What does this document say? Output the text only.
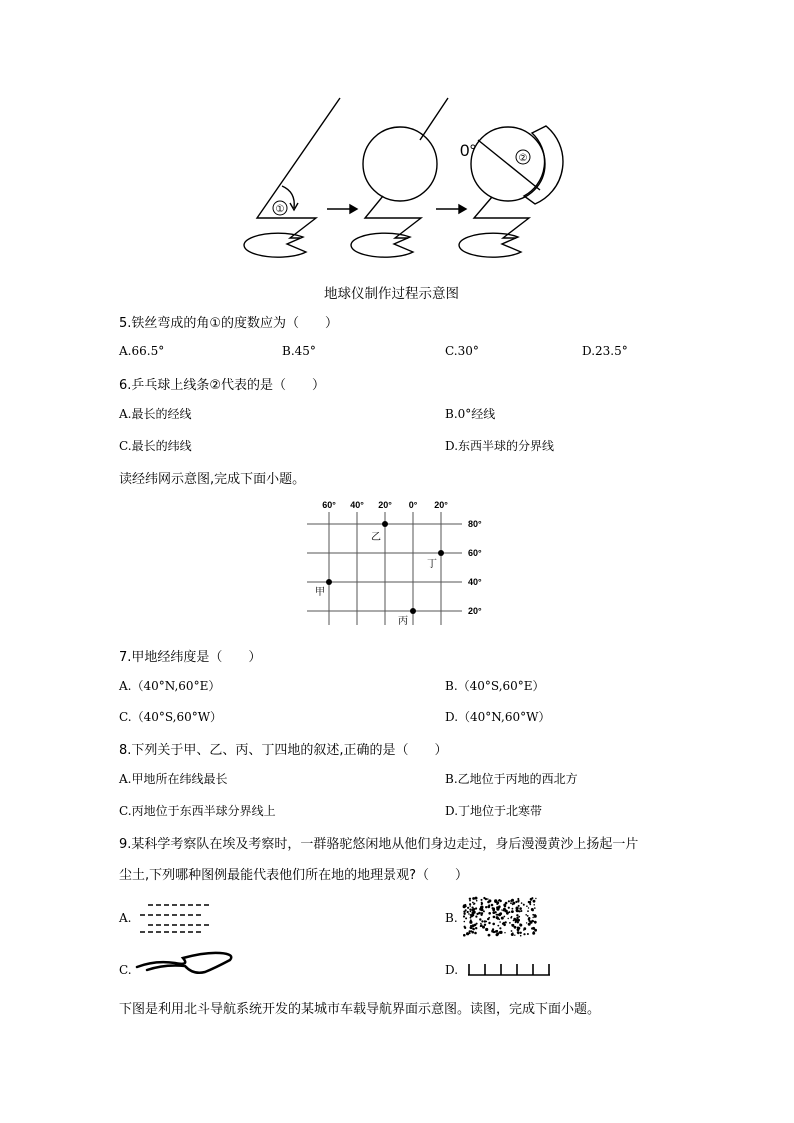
①
②
0°
地球仪制作过程示意图
5.铁丝弯成的角①的度数应为（　　）
A.66.5°	B.45°	C.30°	D.23.5°
6.乒乓球上线条②代表的是（　　）
A.最长的经线	B.0°经线
C.最长的纬线	D.东西半球的分界线
读经纬网示意图,完成下面小题。
60° 40° 20° 0° 20°
80°
60°
40°
20°
甲
乙
丙
丁
7.甲地经纬度是（　　）
A.（40°N,60°E）	B.（40°S,60°E）
C.（40°S,60°W）	D.（40°N,60°W）
8.下列关于甲、乙、丙、丁四地的叙述,正确的是（　　）
A.甲地所在纬线最长	B.乙地位于丙地的西北方
C.丙地位于东西半球分界线上	D.丁地位于北寒带
9.某科学考察队在埃及考察时，一群骆驼悠闲地从他们身边走过，身后漫漫黄沙上扬起一片
尘土,下列哪种图例最能代表他们所在地的地理景观?（　　）
A.	B.
C.	D.
下图是利用北斗导航系统开发的某城市车载导航界面示意图。读图，完成下面小题。
